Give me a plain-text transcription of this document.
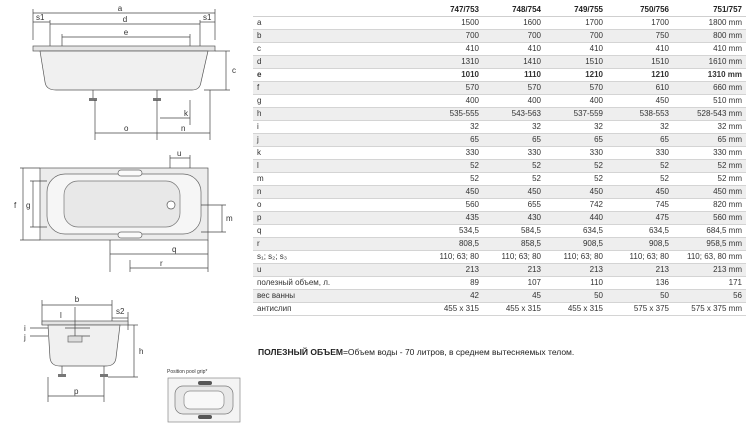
a
s1	s1
d
e
c
k
o	n
u
f g
m
q
r
b
s2
l
i
j
h
p
Position pool grip*
	747/753	748/754	749/755	750/756	751/757
a	1500	1600	1700	1700	1800 mm
b	700	700	700	750	800 mm
c	410	410	410	410	410 mm
d	1310	1410	1510	1510	1610 mm
e	1010	1110	1210	1210	1310 mm
f	570	570	570	610	660 mm
g	400	400	400	450	510 mm
h	535-555	543-563	537-559	538-553	528-543 mm
i	32	32	32	32	32 mm
j	65	65	65	65	65 mm
k	330	330	330	330	330 mm
l	52	52	52	52	52 mm
m	52	52	52	52	52 mm
n	450	450	450	450	450 mm
o	560	655	742	745	820 mm
p	435	430	440	475	560 mm
q	534,5	584,5	634,5	634,5	684,5 mm
r	808,5	858,5	908,5	908,5	958,5 mm
s₁; s₂; s₃	110; 63; 80	110; 63; 80	110; 63; 80	110; 63; 80	110; 63, 80 mm
u	213	213	213	213	213 mm
полезный объем, л.	89	107	110	136	171
вес ванны	42	45	50	50	56
антислип	455 x 315	455 x 315	455 x 315	575 x 375	575 x 375 mm
ПОЛЕЗНЫЙ ОБЪЕМ=Объем воды - 70 литров, в среднем вытесняемых телом.
